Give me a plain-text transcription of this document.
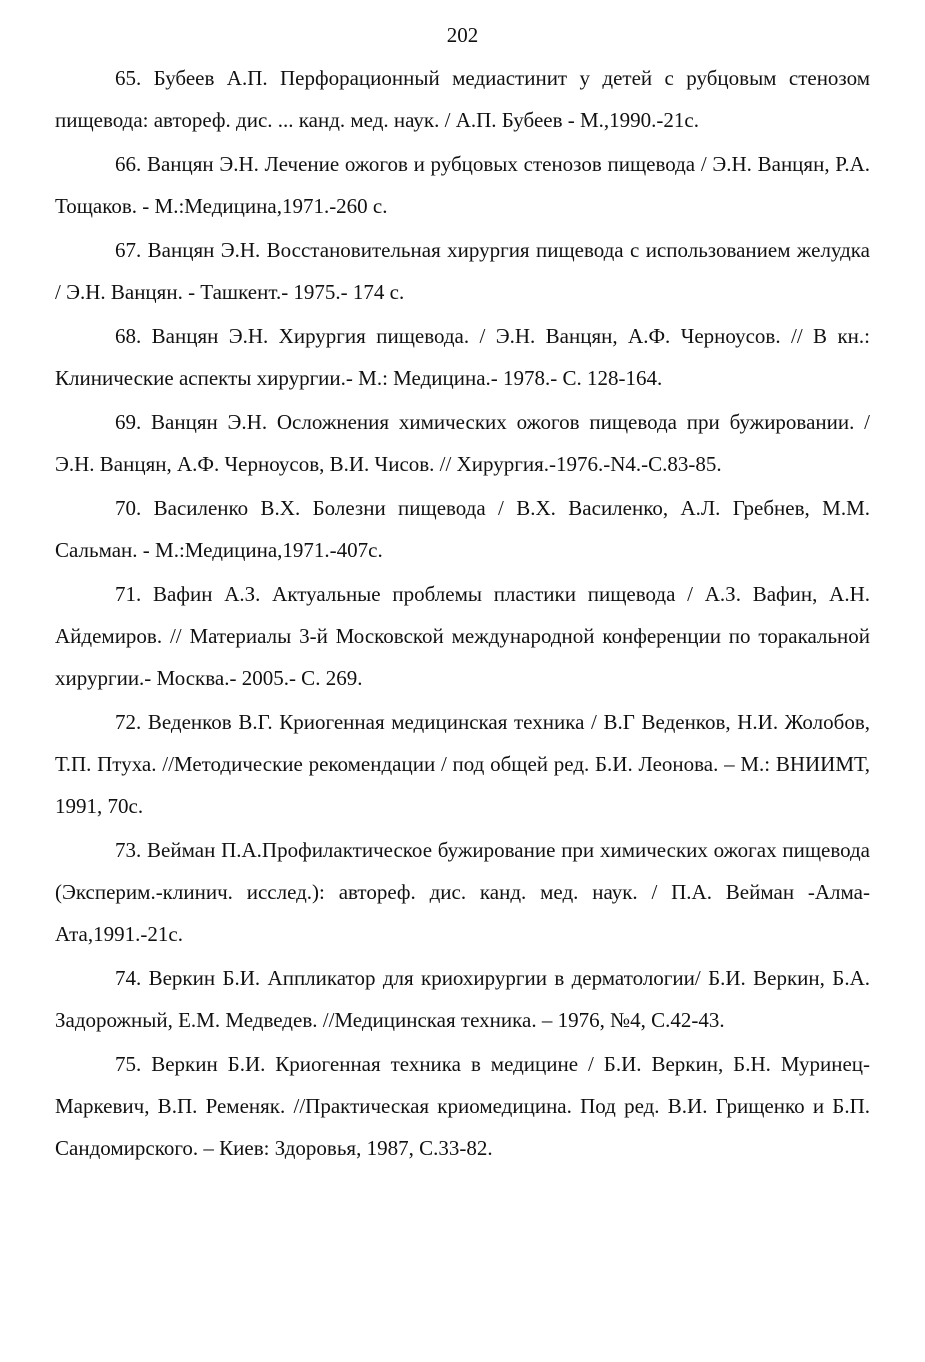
202
65. Бубеев А.П. Перфорационный медиастинит у детей с рубцовым стенозом пищевода: автореф. дис. ... канд. мед. наук. / А.П. Бубеев - М.,1990.-21с.
66. Ванцян Э.Н. Лечение ожогов и рубцовых стенозов пищевода / Э.Н. Ванцян, Р.А. Тощаков. - М.:Медицина,1971.-260 с.
67. Ванцян Э.Н. Восстановительная хирургия пищевода с использованием желудка / Э.Н. Ванцян. - Ташкент.- 1975.- 174 с.
68. Ванцян Э.Н. Хирургия пищевода. / Э.Н. Ванцян, А.Ф. Черноусов. // В кн.: Клинические аспекты хирургии.- М.: Медицина.- 1978.- С. 128-164.
69. Ванцян Э.Н. Осложнения химических ожогов пищевода при бужировании. / Э.Н. Ванцян, А.Ф. Черноусов, В.И. Чисов. // Хирургия.-1976.-N4.-С.83-85.
70. Василенко В.Х. Болезни пищевода / В.Х. Василенко, А.Л. Гребнев, М.М. Сальман. - М.:Медицина,1971.-407с.
71. Вафин А.З. Актуальные проблемы пластики пищевода / А.З. Вафин, А.Н. Айдемиров. // Материалы 3-й Московской международной конференции по торакальной хирургии.- Москва.- 2005.- С. 269.
72. Веденков В.Г. Криогенная медицинская техника / В.Г Веденков, Н.И. Жолобов, Т.П. Птуха. //Методические рекомендации / под общей ред. Б.И. Леонова. – М.: ВНИИМТ, 1991, 70с.
73. Вейман П.А.Профилактическое бужирование при химических ожогах пищевода (Эксперим.-клинич. исслед.): автореф. дис. канд. мед. наук. / П.А. Вейман -Алма-Ата,1991.-21с.
74. Веркин Б.И. Аппликатор для криохирургии в дерматологии/ Б.И. Веркин, Б.А. Задорожный, Е.М. Медведев. //Медицинская техника. – 1976, №4, С.42-43.
75. Веркин Б.И. Криогенная техника в медицине / Б.И. Веркин, Б.Н. Муринец-Маркевич, В.П. Ременяк. //Практическая криомедицина. Под ред. В.И. Грищенко и Б.П. Сандомирского. – Киев: Здоровья, 1987, С.33-82.
